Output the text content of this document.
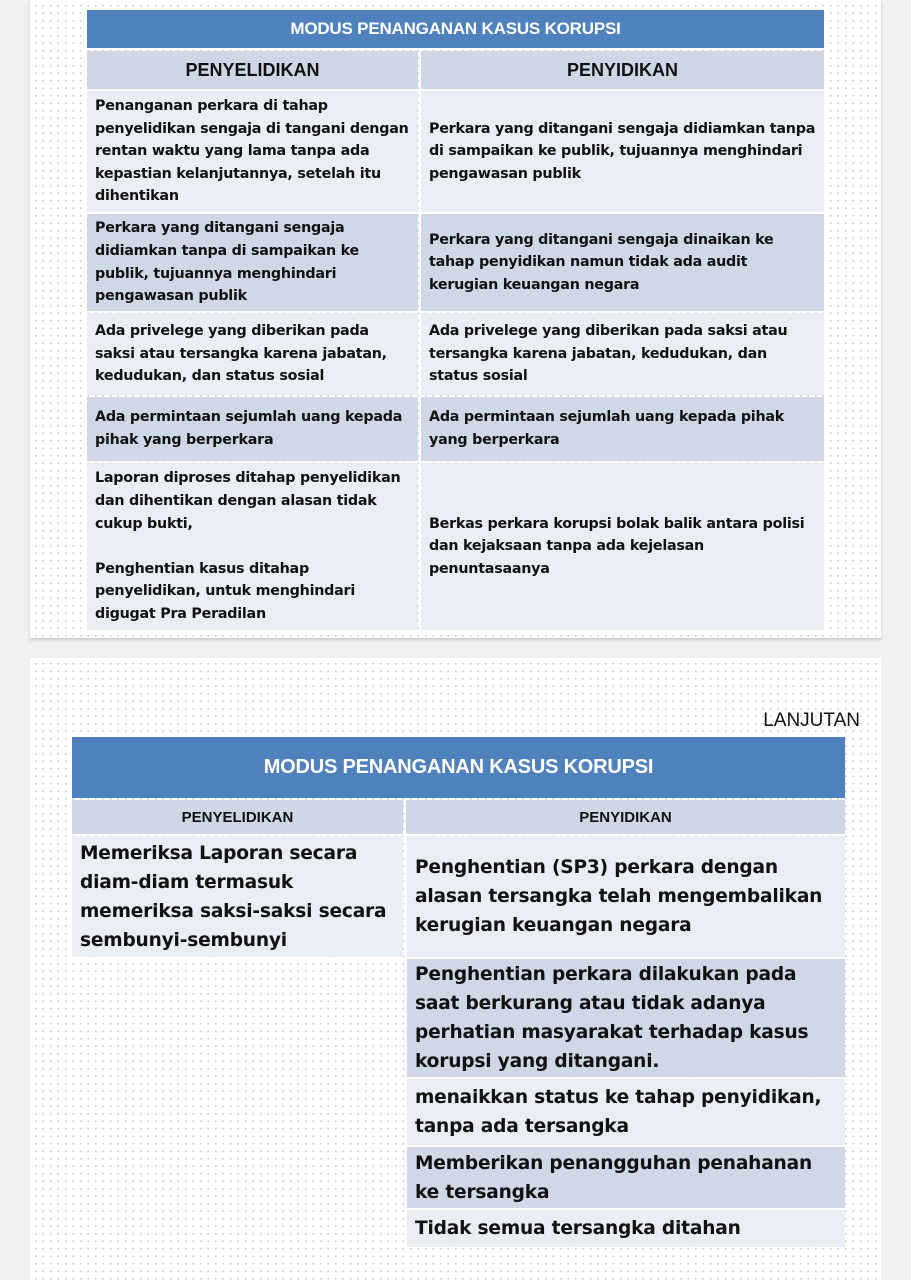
MODUS PENANGANAN KASUS KORUPSI
PENYELIDIKAN	PENYIDIKAN
Penanganan perkara di tahap penyelidikan sengaja di tangani dengan rentan waktu yang lama tanpa ada kepastian kelanjutannya, setelah itu dihentikan
Perkara yang ditangani sengaja didiamkan tanpa di sampaikan ke publik, tujuannya menghindari pengawasan publik
Perkara yang ditangani sengaja didiamkan tanpa di sampaikan ke publik, tujuannya menghindari pengawasan publik
Perkara yang ditangani sengaja dinaikan ke tahap penyidikan namun tidak ada audit kerugian keuangan negara
Ada privelege yang diberikan pada saksi atau tersangka karena jabatan, kedudukan, dan status sosial
Ada privelege yang diberikan pada saksi atau tersangka karena jabatan, kedudukan, dan status sosial
Ada permintaan sejumlah uang kepada pihak yang berperkara
Ada permintaan sejumlah uang kepada pihak yang berperkara
Laporan diproses ditahap penyelidikan dan dihentikan dengan alasan tidak cukup bukti,

Penghentian kasus ditahap penyelidikan, untuk menghindari digugat Pra Peradilan
Berkas perkara korupsi bolak balik antara polisi dan kejaksaan tanpa ada kejelasan penuntasaanya
LANJUTAN
MODUS PENANGANAN KASUS KORUPSI
PENYELIDIKAN	PENYIDIKAN
Memeriksa Laporan secara diam-diam termasuk memeriksa saksi-saksi secara sembunyi-sembunyi
Penghentian (SP3) perkara dengan alasan tersangka telah mengembalikan kerugian keuangan negara
Penghentian perkara dilakukan pada saat berkurang atau tidak adanya perhatian masyarakat terhadap kasus korupsi yang ditangani.
menaikkan status ke tahap penyidikan, tanpa ada tersangka
Memberikan penangguhan penahanan ke tersangka
Tidak semua tersangka ditahan
